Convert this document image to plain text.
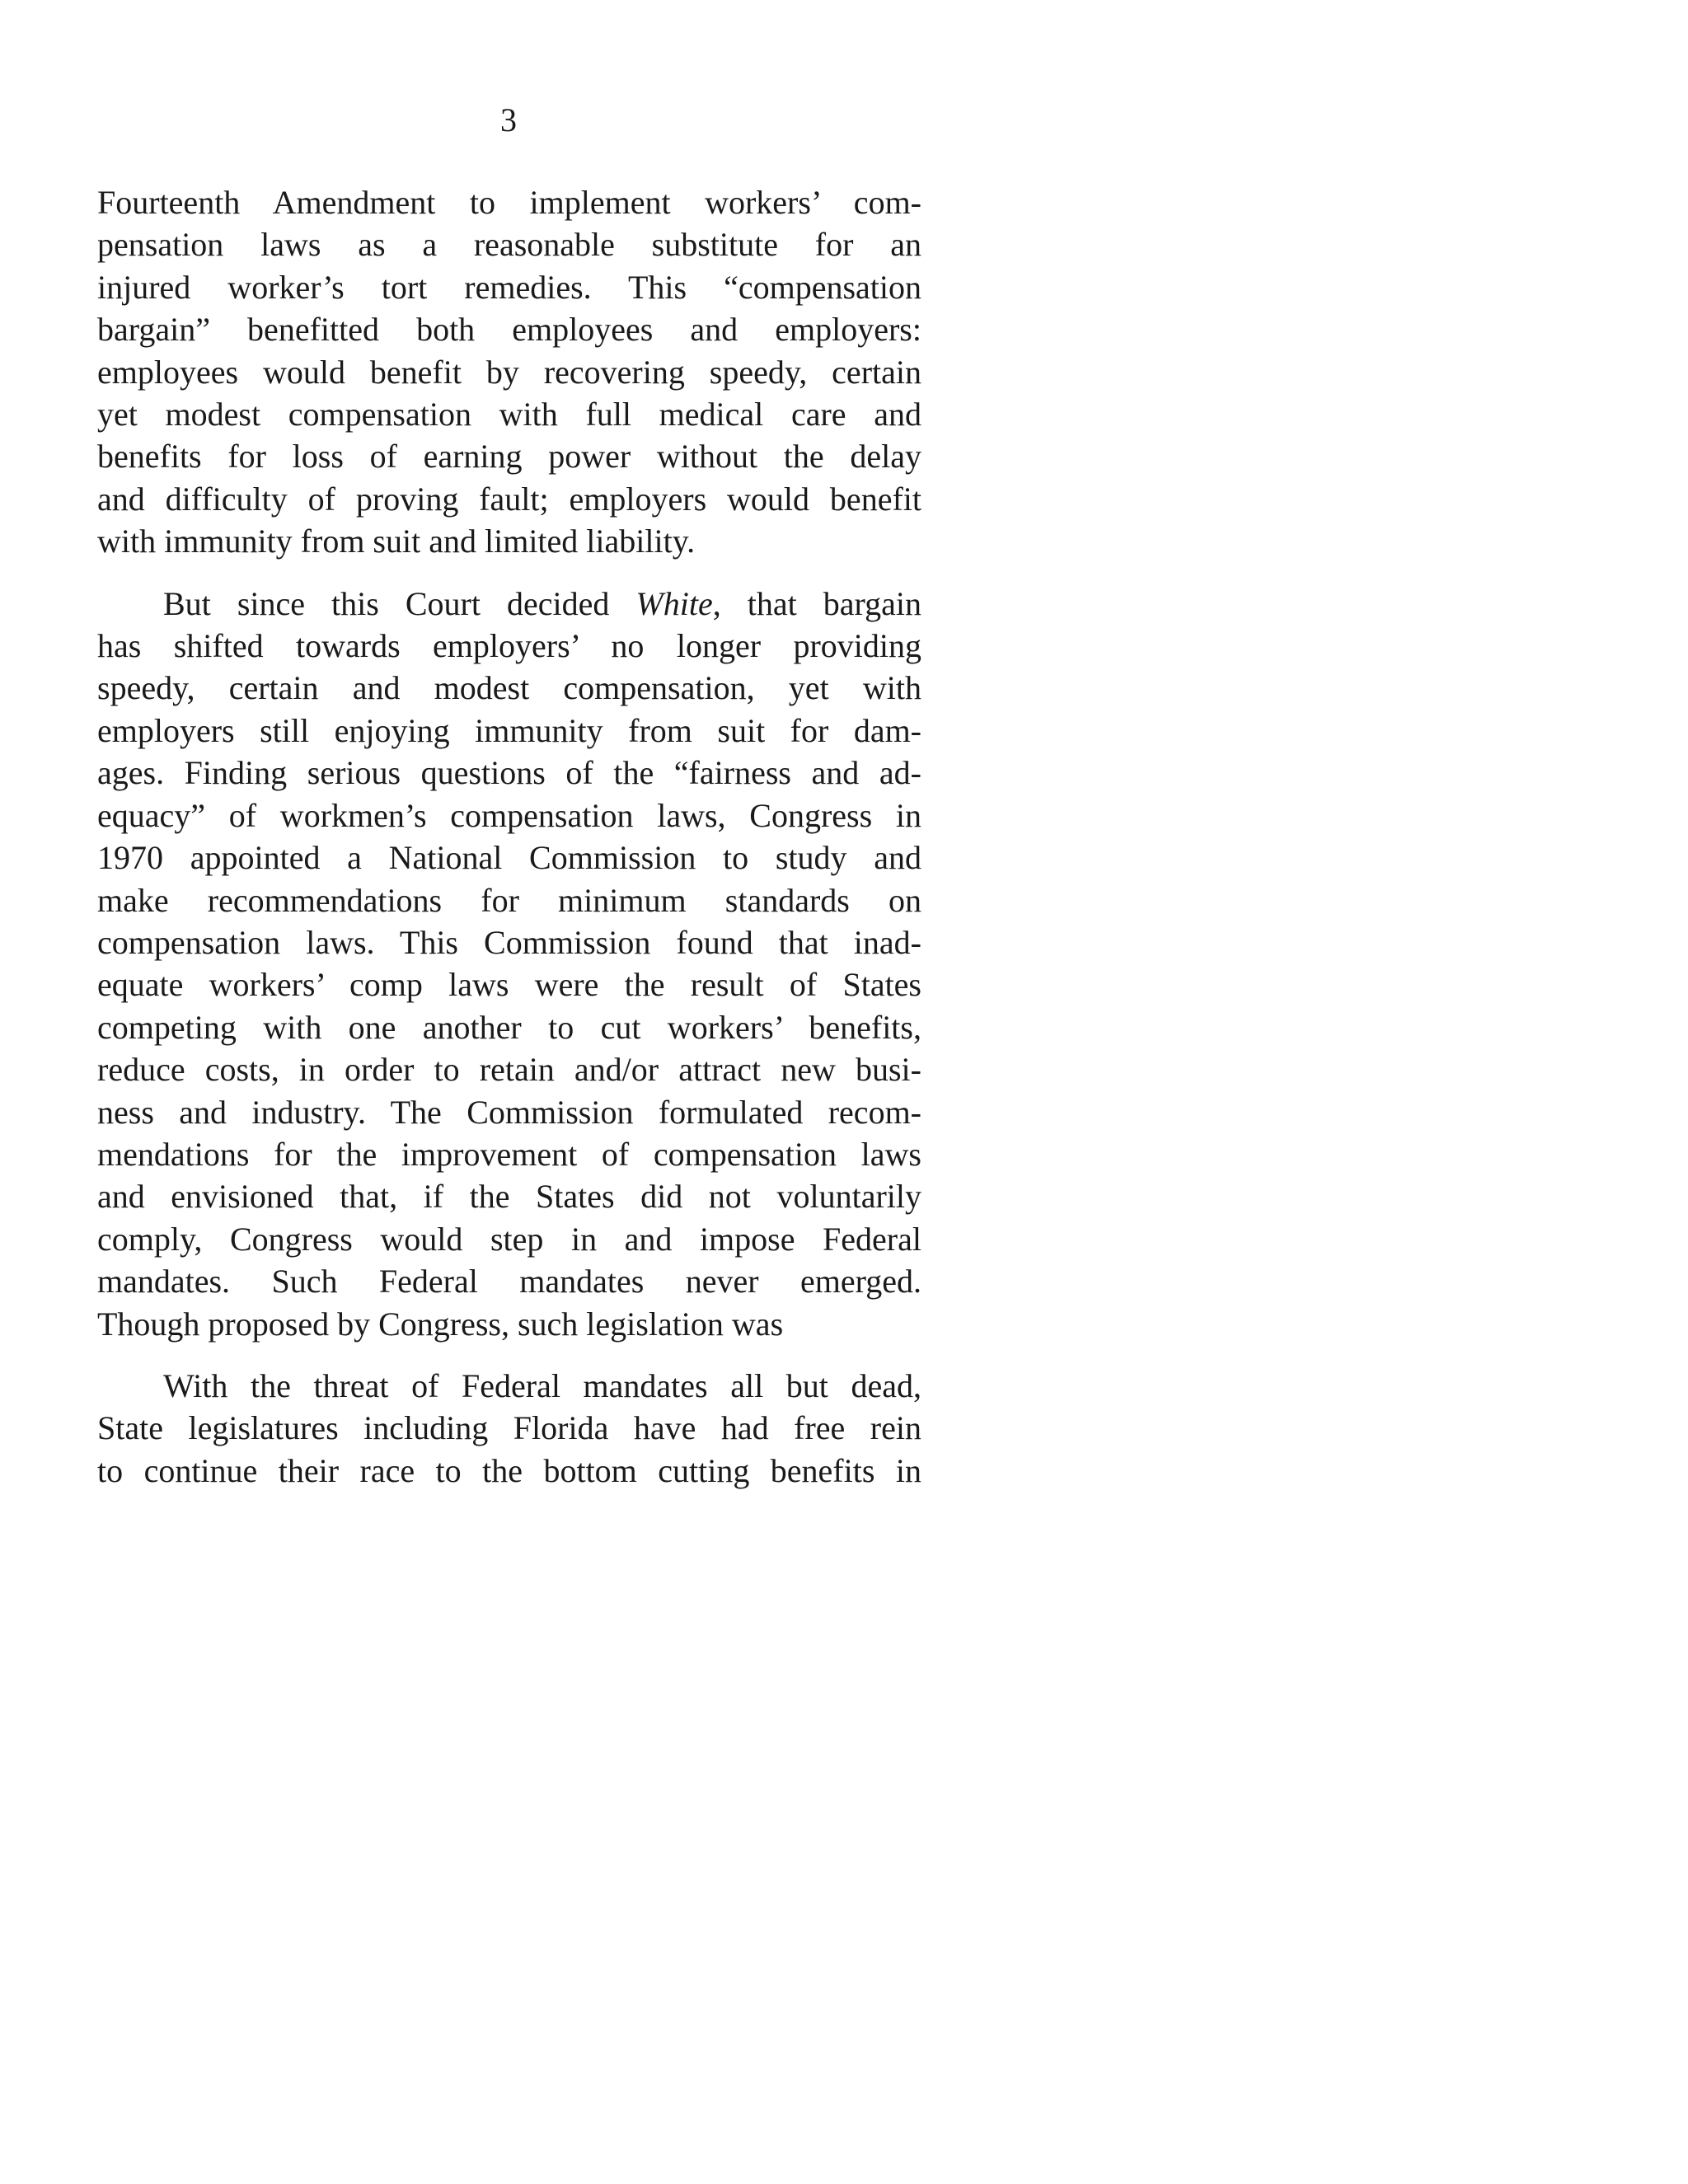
3

Fourteenth Amendment to implement workers’ com-
pensation laws as a reasonable substitute for an
injured worker’s tort remedies. This “compensation
bargain” benefitted both employees and employers:
employees would benefit by recovering speedy, certain
yet modest compensation with full medical care and
benefits for loss of earning power without the delay
and difficulty of proving fault; employers would benefit
with immunity from suit and limited liability.

But since this Court decided White, that bargain
has shifted towards employers’ no longer providing
speedy, certain and modest compensation, yet with
employers still enjoying immunity from suit for dam-
ages. Finding serious questions of the “fairness and ad-
equacy” of workmen’s compensation laws, Congress in
1970 appointed a National Commission to study and
make recommendations for minimum standards on
compensation laws. This Commission found that inad-
equate workers’ comp laws were the result of States
competing with one another to cut workers’ benefits,
reduce costs, in order to retain and/or attract new busi-
ness and industry. The Commission formulated recom-
mendations for the improvement of compensation laws
and envisioned that, if the States did not voluntarily
comply, Congress would step in and impose Federal
mandates. Such Federal mandates never emerged.
Though proposed by Congress, such legislation was

With the threat of Federal mandates all but dead,
State legislatures including Florida have had free rein
to continue their race to the bottom cutting benefits in
